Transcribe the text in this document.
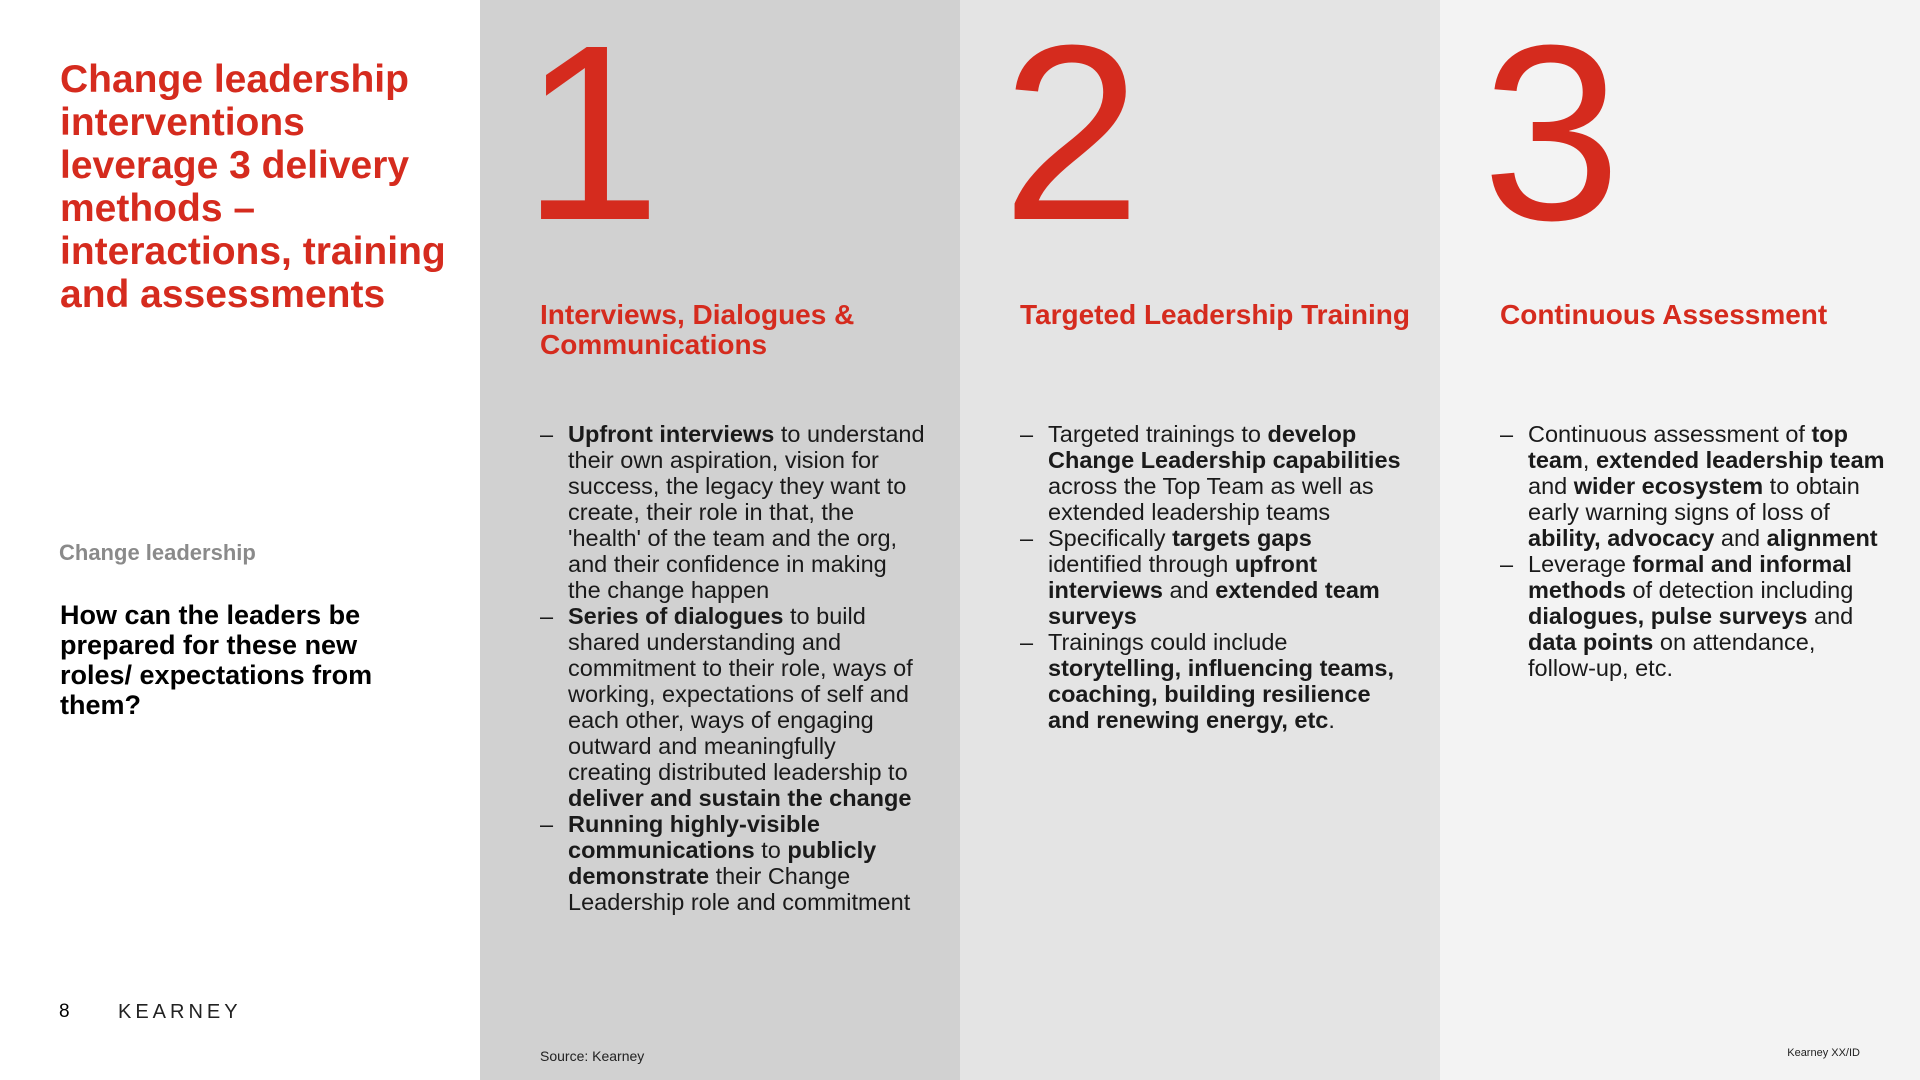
Change leadership interventions leverage 3 delivery methods – interactions, training and assessments
Change leadership

How can the leaders be prepared for these new roles/ expectations from them?

8 KEARNEY
1
Interviews, Dialogues & Communications
– Upfront interviews to understand their own aspiration, vision for success, the legacy they want to create, their role in that, the 'health' of the team and the org, and their confidence in making the change happen
– Series of dialogues to build shared understanding and commitment to their role, ways of working, expectations of self and each other, ways of engaging outward and meaningfully creating distributed leadership to deliver and sustain the change
– Running highly-visible communications to publicly demonstrate their Change Leadership role and commitment
Source: Kearney
2
Targeted Leadership Training
– Targeted trainings to develop Change Leadership capabilities across the Top Team as well as extended leadership teams
– Specifically targets gaps identified through upfront interviews and extended team surveys
– Trainings could include storytelling, influencing teams, coaching, building resilience and renewing energy, etc.
3
Continuous Assessment
– Continuous assessment of top team, extended leadership team and wider ecosystem to obtain early warning signs of loss of ability, advocacy and alignment
– Leverage formal and informal methods of detection including dialogues, pulse surveys and data points on attendance, follow-up, etc.
Kearney XX/ID
